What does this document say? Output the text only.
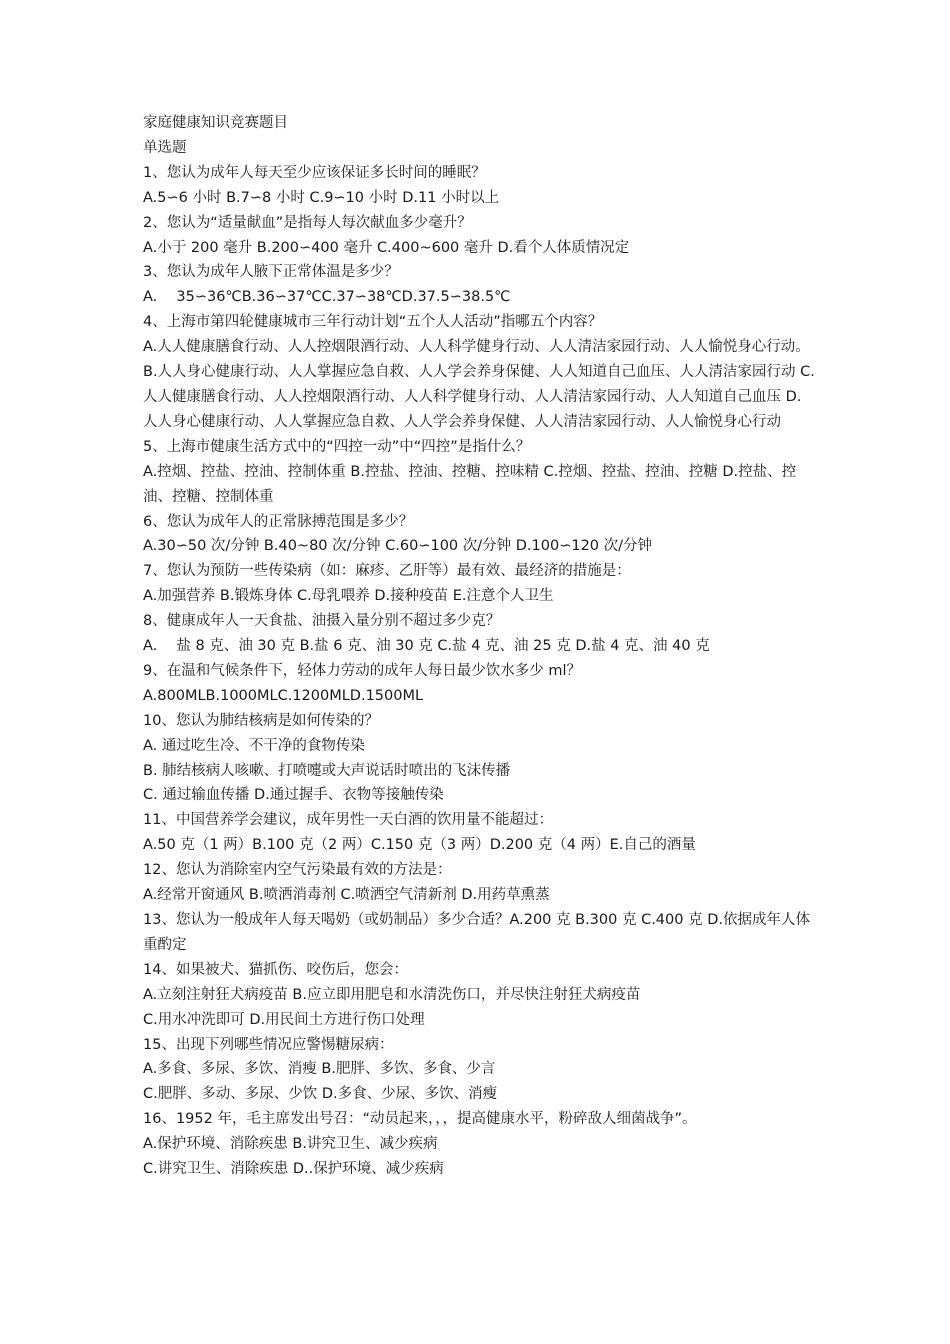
家庭健康知识竞赛题目

单选题

1、您认为成年人每天至少应该保证多长时间的睡眠？

A.5∽6 小时 B.7∽8 小时 C.9∽10 小时 D.11 小时以上

2、您认为“适量献血”是指每人每次献血多少毫升？

A.小于 200 毫升 B.200∽400 毫升 C.400~600 毫升 D.看个人体质情况定

3、您认为成年人腋下正常体温是多少？

A.　 35∽36℃B.36∽37℃C.37∽38℃D.37.5∽38.5℃

4、上海市第四轮健康城市三年行动计划“五个人人活动”指哪五个内容？

A.人人健康膳食行动、人人控烟限酒行动、人人科学健身行动、人人清洁家园行动、人人愉悦身心行动。B.人人身心健康行动、人人掌握应急自救、人人学会养身保健、人人知道自己血压、人人清洁家园行动 C.人人健康膳食行动、人人控烟限酒行动、人人科学健身行动、人人清洁家园行动、人人知道自己血压 D.人人身心健康行动、人人掌握应急自救、人人学会养身保健、人人清洁家园行动、人人愉悦身心行动

5、上海市健康生活方式中的“四控一动”中“四控”是指什么？

A.控烟、控盐、控油、控制体重 B.控盐、控油、控糖、控味精 C.控烟、控盐、控油、控糖 D.控盐、控油、控糖、控制体重

6、您认为成年人的正常脉搏范围是多少？

A.30∽50 次/分钟 B.40~80 次/分钟 C.60∽100 次/分钟 D.100∽120 次/分钟

7、您认为预防一些传染病（如：麻疹、乙肝等）最有效、最经济的措施是：

A.加强营养 B.锻炼身体 C.母乳喂养 D.接种疫苗 E.注意个人卫生

8、健康成年人一天食盐、油摄入量分别不超过多少克？

A.　 盐 8 克、油 30 克 B.盐 6 克、油 30 克 C.盐 4 克、油 25 克 D.盐 4 克、油 40 克

9、在温和气候条件下，轻体力劳动的成年人每日最少饮水多少 ml？

A.800MLB.1000MLC.1200MLD.1500ML

10、您认为肺结核病是如何传染的？

A. 通过吃生冷、不干净的食物传染

B. 肺结核病人咳嗽、打喷嚏或大声说话时喷出的飞沫传播

C. 通过输血传播 D.通过握手、衣物等接触传染

11、中国营养学会建议，成年男性一天白酒的饮用量不能超过：

A.50 克（1 两）B.100 克（2 两）C.150 克（3 两）D.200 克（4 两）E.自己的酒量

12、您认为消除室内空气污染最有效的方法是：

A.经常开窗通风 B.喷洒消毒剂 C.喷洒空气清新剂 D.用药草熏蒸

13、您认为一般成年人每天喝奶（或奶制品）多少合适？A.200 克 B.300 克 C.400 克 D.依据成年人体重酌定

14、如果被犬、猫抓伤、咬伤后，您会：

A.立刻注射狂犬病疫苗 B.应立即用肥皂和水清洗伤口，并尽快注射狂犬病疫苗

C.用水冲洗即可 D.用民间土方进行伤口处理

15、出现下列哪些情况应警惕糖尿病：

A.多食、多尿、多饮、消瘦 B.肥胖、多饮、多食、少言

C.肥胖、多动、多尿、少饮 D.多食、少尿、多饮、消瘦

16、1952 年，毛主席发出号召：“动员起来，，，提高健康水平，粉碎敌人细菌战争”。

A.保护环境、消除疾患 B.讲究卫生、减少疾病

C.讲究卫生、消除疾患 D..保护环境、减少疾病
